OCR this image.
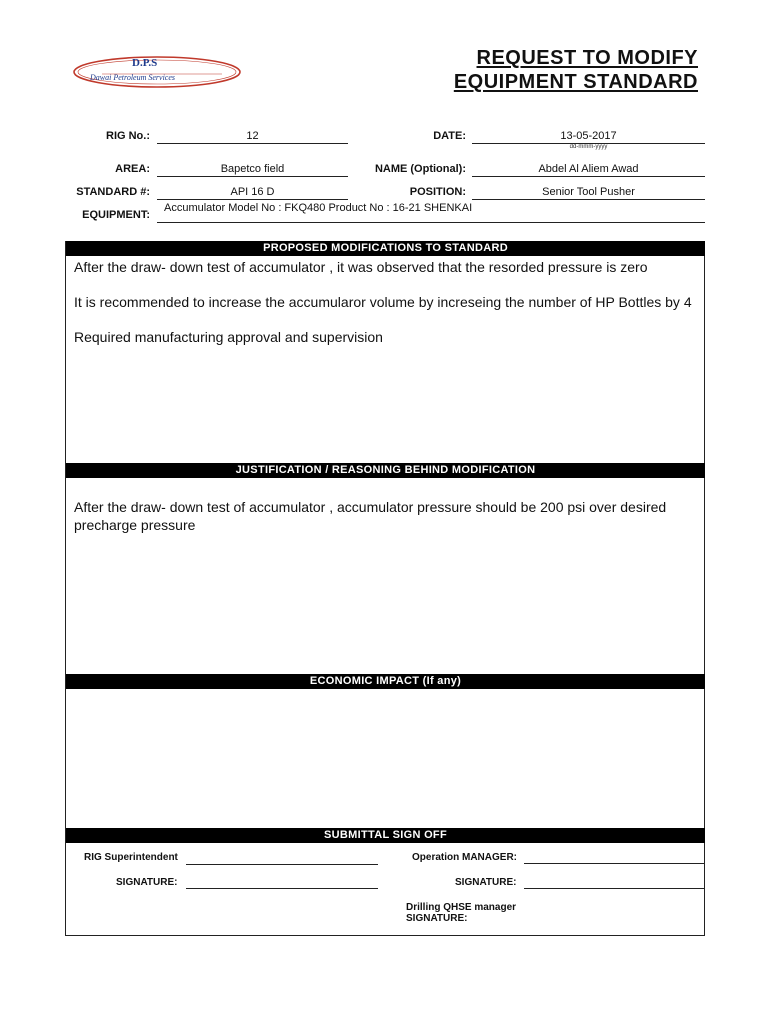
D.P.S
Dawai Petroleum Services
REQUEST TO MODIFY
EQUIPMENT STANDARD
RIG No.:	12	DATE:	13-05-2017
dd-mmm-yyyy
AREA:	Bapetco field	NAME (Optional):	Abdel Al Aliem Awad
STANDARD #:	API 16 D	POSITION:	Senior Tool Pusher
EQUIPMENT:
Accumulator Model No : FKQ480 Product No : 16-21 SHENKAI
PROPOSED MODIFICATIONS TO STANDARD

After the draw- down test of accumulator , it was observed that the resorded pressure is zero

It is recommended to increase the accumularor volume by increseing the number of HP Bottles by 4

Required manufacturing approval and supervision

JUSTIFICATION / REASONING BEHIND MODIFICATION

After the draw- down test of accumulator , accumulator pressure should be 200 psi over desired precharge pressure

ECONOMIC IMPACT (If any)
SUBMITTAL SIGN OFF
RIG Superintendent
SIGNATURE:
Operation MANAGER:
SIGNATURE:
Drilling QHSE manager
SIGNATURE:
